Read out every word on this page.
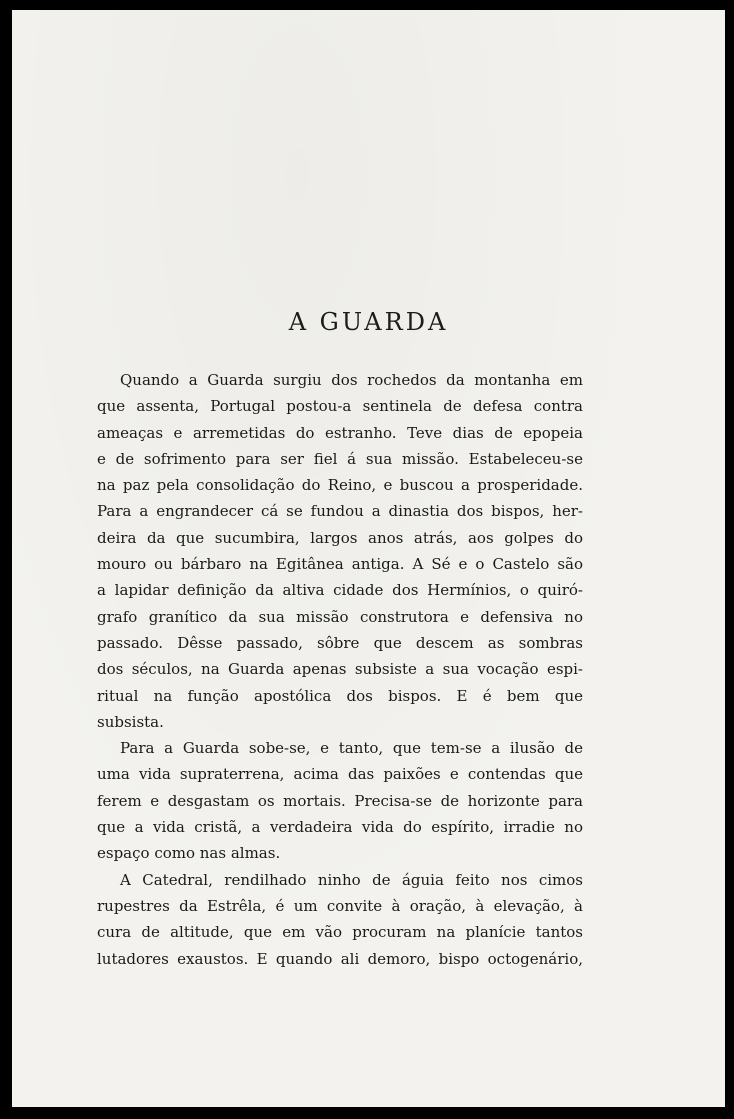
A GUARDA
Quando a Guarda surgiu dos rochedos da montanha em
que assenta, Portugal postou-a sentinela de defesa contra
ameaças e arremetidas do estranho. Teve dias de epopeia
e de sofrimento para ser fiel á sua missão. Estabeleceu-se
na paz pela consolidação do Reino, e buscou a prosperidade.
Para a engrandecer cá se fundou a dinastia dos bispos, her-
deira da que sucumbira, largos anos atrás, aos golpes do
mouro ou bárbaro na Egitânea antiga. A Sé e o Castelo são
a lapidar definição da altiva cidade dos Hermínios, o quiró-
grafo granítico da sua missão construtora e defensiva no
passado. Dêsse passado, sôbre que descem as sombras
dos séculos, na Guarda apenas subsiste a sua vocação espi-
ritual na função apostólica dos bispos. E é bem que
subsista.
Para a Guarda sobe-se, e tanto, que tem-se a ilusão de
uma vida supraterrena, acima das paixões e contendas que
ferem e desgastam os mortais. Precisa-se de horizonte para
que a vida cristã, a verdadeira vida do espírito, irradie no
espaço como nas almas.
A Catedral, rendilhado ninho de águia feito nos cimos
rupestres da Estrêla, é um convite à oração, à elevação, à
cura de altitude, que em vão procuram na planície tantos
lutadores exaustos. E quando ali demoro, bispo octogenário,
